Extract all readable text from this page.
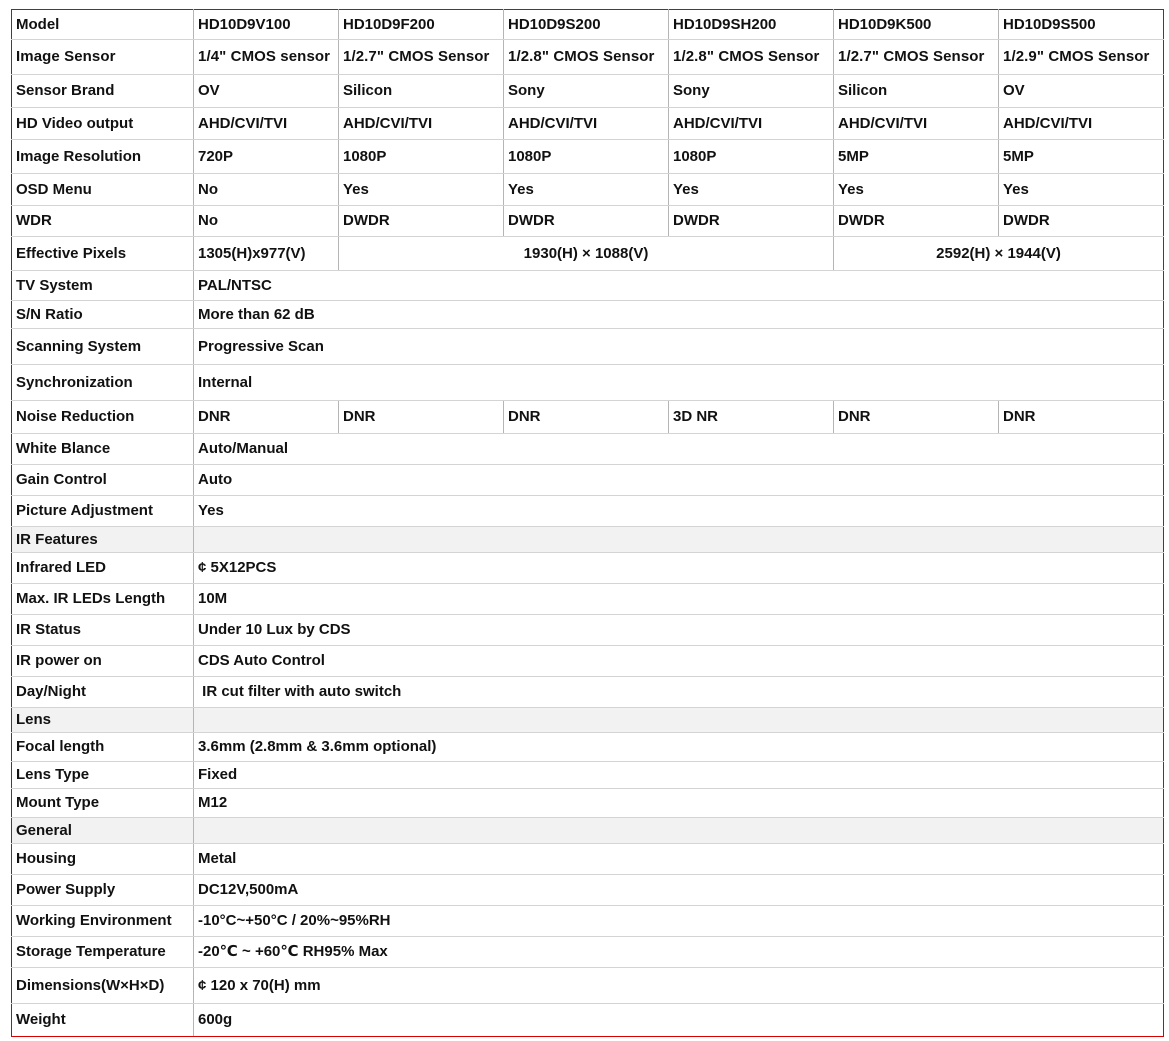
Model	HD10D9V100	HD10D9F200	HD10D9S200	HD10D9SH200	HD10D9K500	HD10D9S500
Image Sensor	1/4" CMOS sensor	1/2.7" CMOS Sensor	1/2.8" CMOS Sensor	1/2.8" CMOS Sensor	1/2.7" CMOS Sensor	1/2.9" CMOS Sensor
Sensor Brand	OV	Silicon	Sony	Sony	Silicon	OV
HD Video output	AHD/CVI/TVI	AHD/CVI/TVI	AHD/CVI/TVI	AHD/CVI/TVI	AHD/CVI/TVI	AHD/CVI/TVI
Image Resolution	720P	1080P	1080P	1080P	5MP	5MP
OSD Menu	No	Yes	Yes	Yes	Yes	Yes
WDR	No	DWDR	DWDR	DWDR	DWDR	DWDR
Effective Pixels	1305(H)x977(V)	1930(H) × 1088(V)			2592(H) × 1944(V)	
TV System	PAL/NTSC					
S/N Ratio	More than 62 dB					
Scanning System	Progressive Scan					
Synchronization	Internal					
Noise Reduction	DNR	DNR	DNR	3D NR	DNR	DNR
White Blance	Auto/Manual					
Gain Control	Auto					
Picture Adjustment	Yes					
IR Features						
Infrared LED	¢ 5X12PCS					
Max. IR LEDs Length	10M					
IR Status	Under 10 Lux by CDS					
IR power on	CDS Auto Control					
Day/Night	IR cut filter with auto switch					
Lens						
Focal length	3.6mm (2.8mm & 3.6mm optional)					
Lens Type	Fixed					
Mount Type	M12					
General						
Housing	Metal					
Power Supply	DC12V,500mA					
Working Environment	-10°C~+50°C / 20%~95%RH					
Storage Temperature	-20℃ ~ +60℃ RH95% Max					
Dimensions(W×H×D)	¢ 120 x 70(H) mm					
Weight	600g					
